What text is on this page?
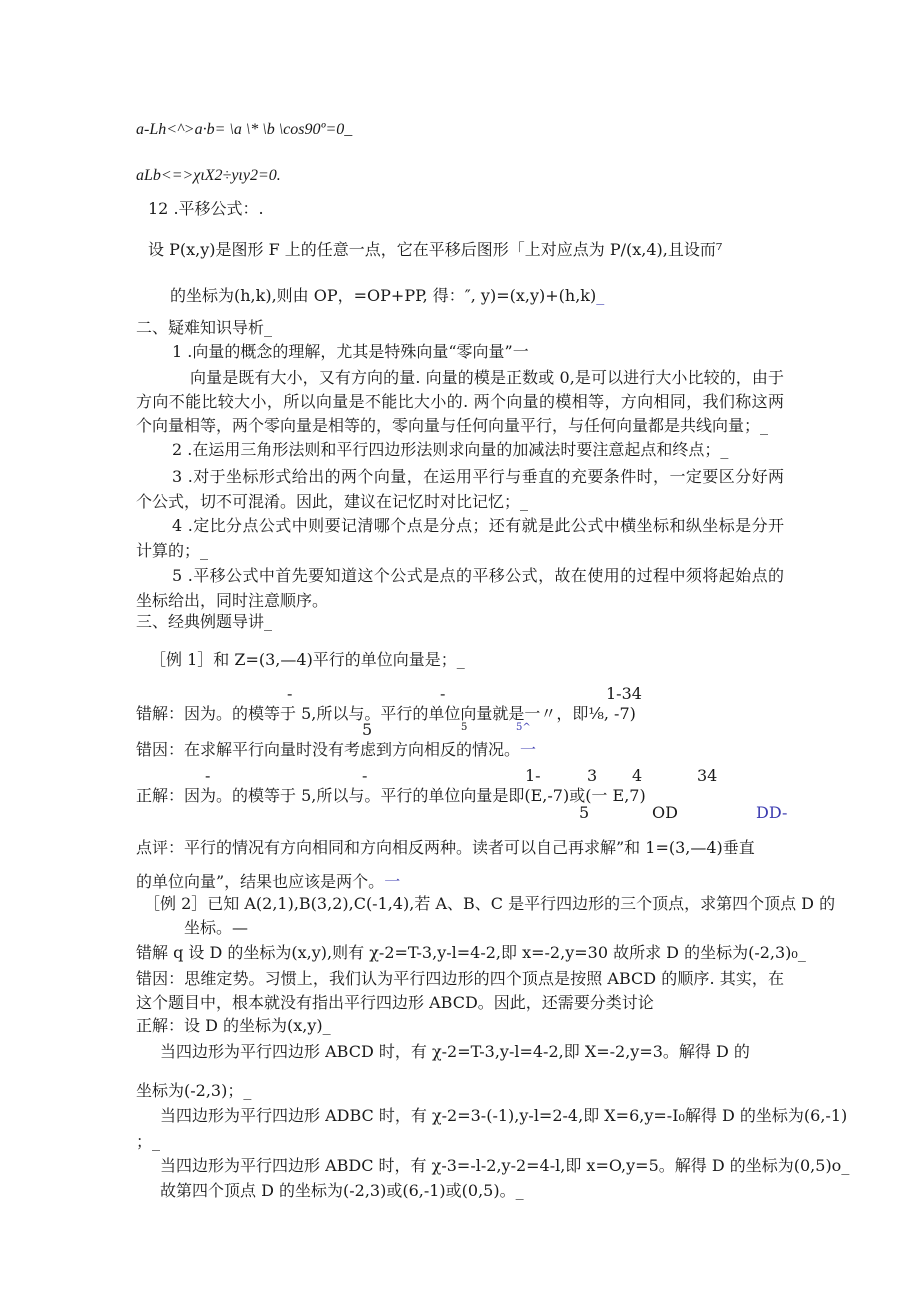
a-Lh<^>a·b= \a \* \b \cos90º=0_
aLb<=>χιX2÷yιy2=0.
12 .平移公式：.
设 P(x,y)是图形 F 上的任意一点，它在平移后图形「上对应点为 P/(x,4),且设而⁷
的坐标为(h,k),则由 OP，=OP+PP, 得：″, y)=(x,y)+(h,k)_
二、疑难知识导析_
1 .向量的概念的理解，尤其是特殊向量“零向量”一
向量是既有大小，又有方向的量. 向量的模是正数或 0,是可以进行大小比较的，由于方向不能比较大小，所以向量是不能比大小的. 两个向量的模相等，方向相同，我们称这两个向量相等，两个零向量是相等的，零向量与任何向量平行，与任何向量都是共线向量；_
2 .在运用三角形法则和平行四边形法则求向量的加减法时要注意起点和终点；_
3 .对于坐标形式给出的两个向量，在运用平行与垂直的充要条件时，一定要区分好两个公式，切不可混淆。因此，建议在记忆时对比记忆；_
4 .定比分点公式中则要记清哪个点是分点；还有就是此公式中横坐标和纵坐标是分开计算的；_
5 .平移公式中首先要知道这个公式是点的平移公式，故在使用的过程中须将起始点的坐标给出，同时注意顺序。
三、经典例题导讲_
［例 1］和 Z=(3,—4)平行的单位向量是；_
-	-	1-34
错解：因为。的模等于 5,所以与。平行的单位向量就是一〃，即⅛, -7)
5	5	5^
错因：在求解平行向量时没有考虑到方向相反的情况。一
-	-	1-	3 4	34
正解：因为。的模等于 5,所以与。平行的单位向量是即(E,-7)或(一 E,7)
5	OD	DD-
点评：平行的情况有方向相同和方向相反两种。读者可以自己再求解”和 1=(3,—4)垂直
的单位向量”，结果也应该是两个。一
［例 2］已知 A(2,1),B(3,2),C(-1,4),若 A、B、C 是平行四边形的三个顶点，求第四个顶点 D 的
坐标。—
错解 q 设 D 的坐标为(x,y),则有 χ-2=T-3,y-l=4-2,即 x=-2,y=30 故所求 D 的坐标为(-2,3)₀_
错因：思维定势。习惯上，我们认为平行四边形的四个顶点是按照 ABCD 的顺序. 其实，在这个题目中，根本就没有指出平行四边形 ABCD。因此，还需要分类讨论
正解：设 D 的坐标为(x,y)_
当四边形为平行四边形 ABCD 时，有 χ-2=T-3,y-l=4-2,即 X=-2,y=3。解得 D 的
坐标为(-2,3)；_
当四边形为平行四边形 ADBC 时，有 χ-2=3-(-1),y-l=2-4,即 X=6,y=-I₀解得 D 的坐标为(6,-1)
；_
当四边形为平行四边形 ABDC 时，有 χ-3=-l-2,y-2=4-l,即 x=O,y=5。解得 D 的坐标为(0,5)o_
故第四个顶点 D 的坐标为(-2,3)或(6,-1)或(0,5)。_
